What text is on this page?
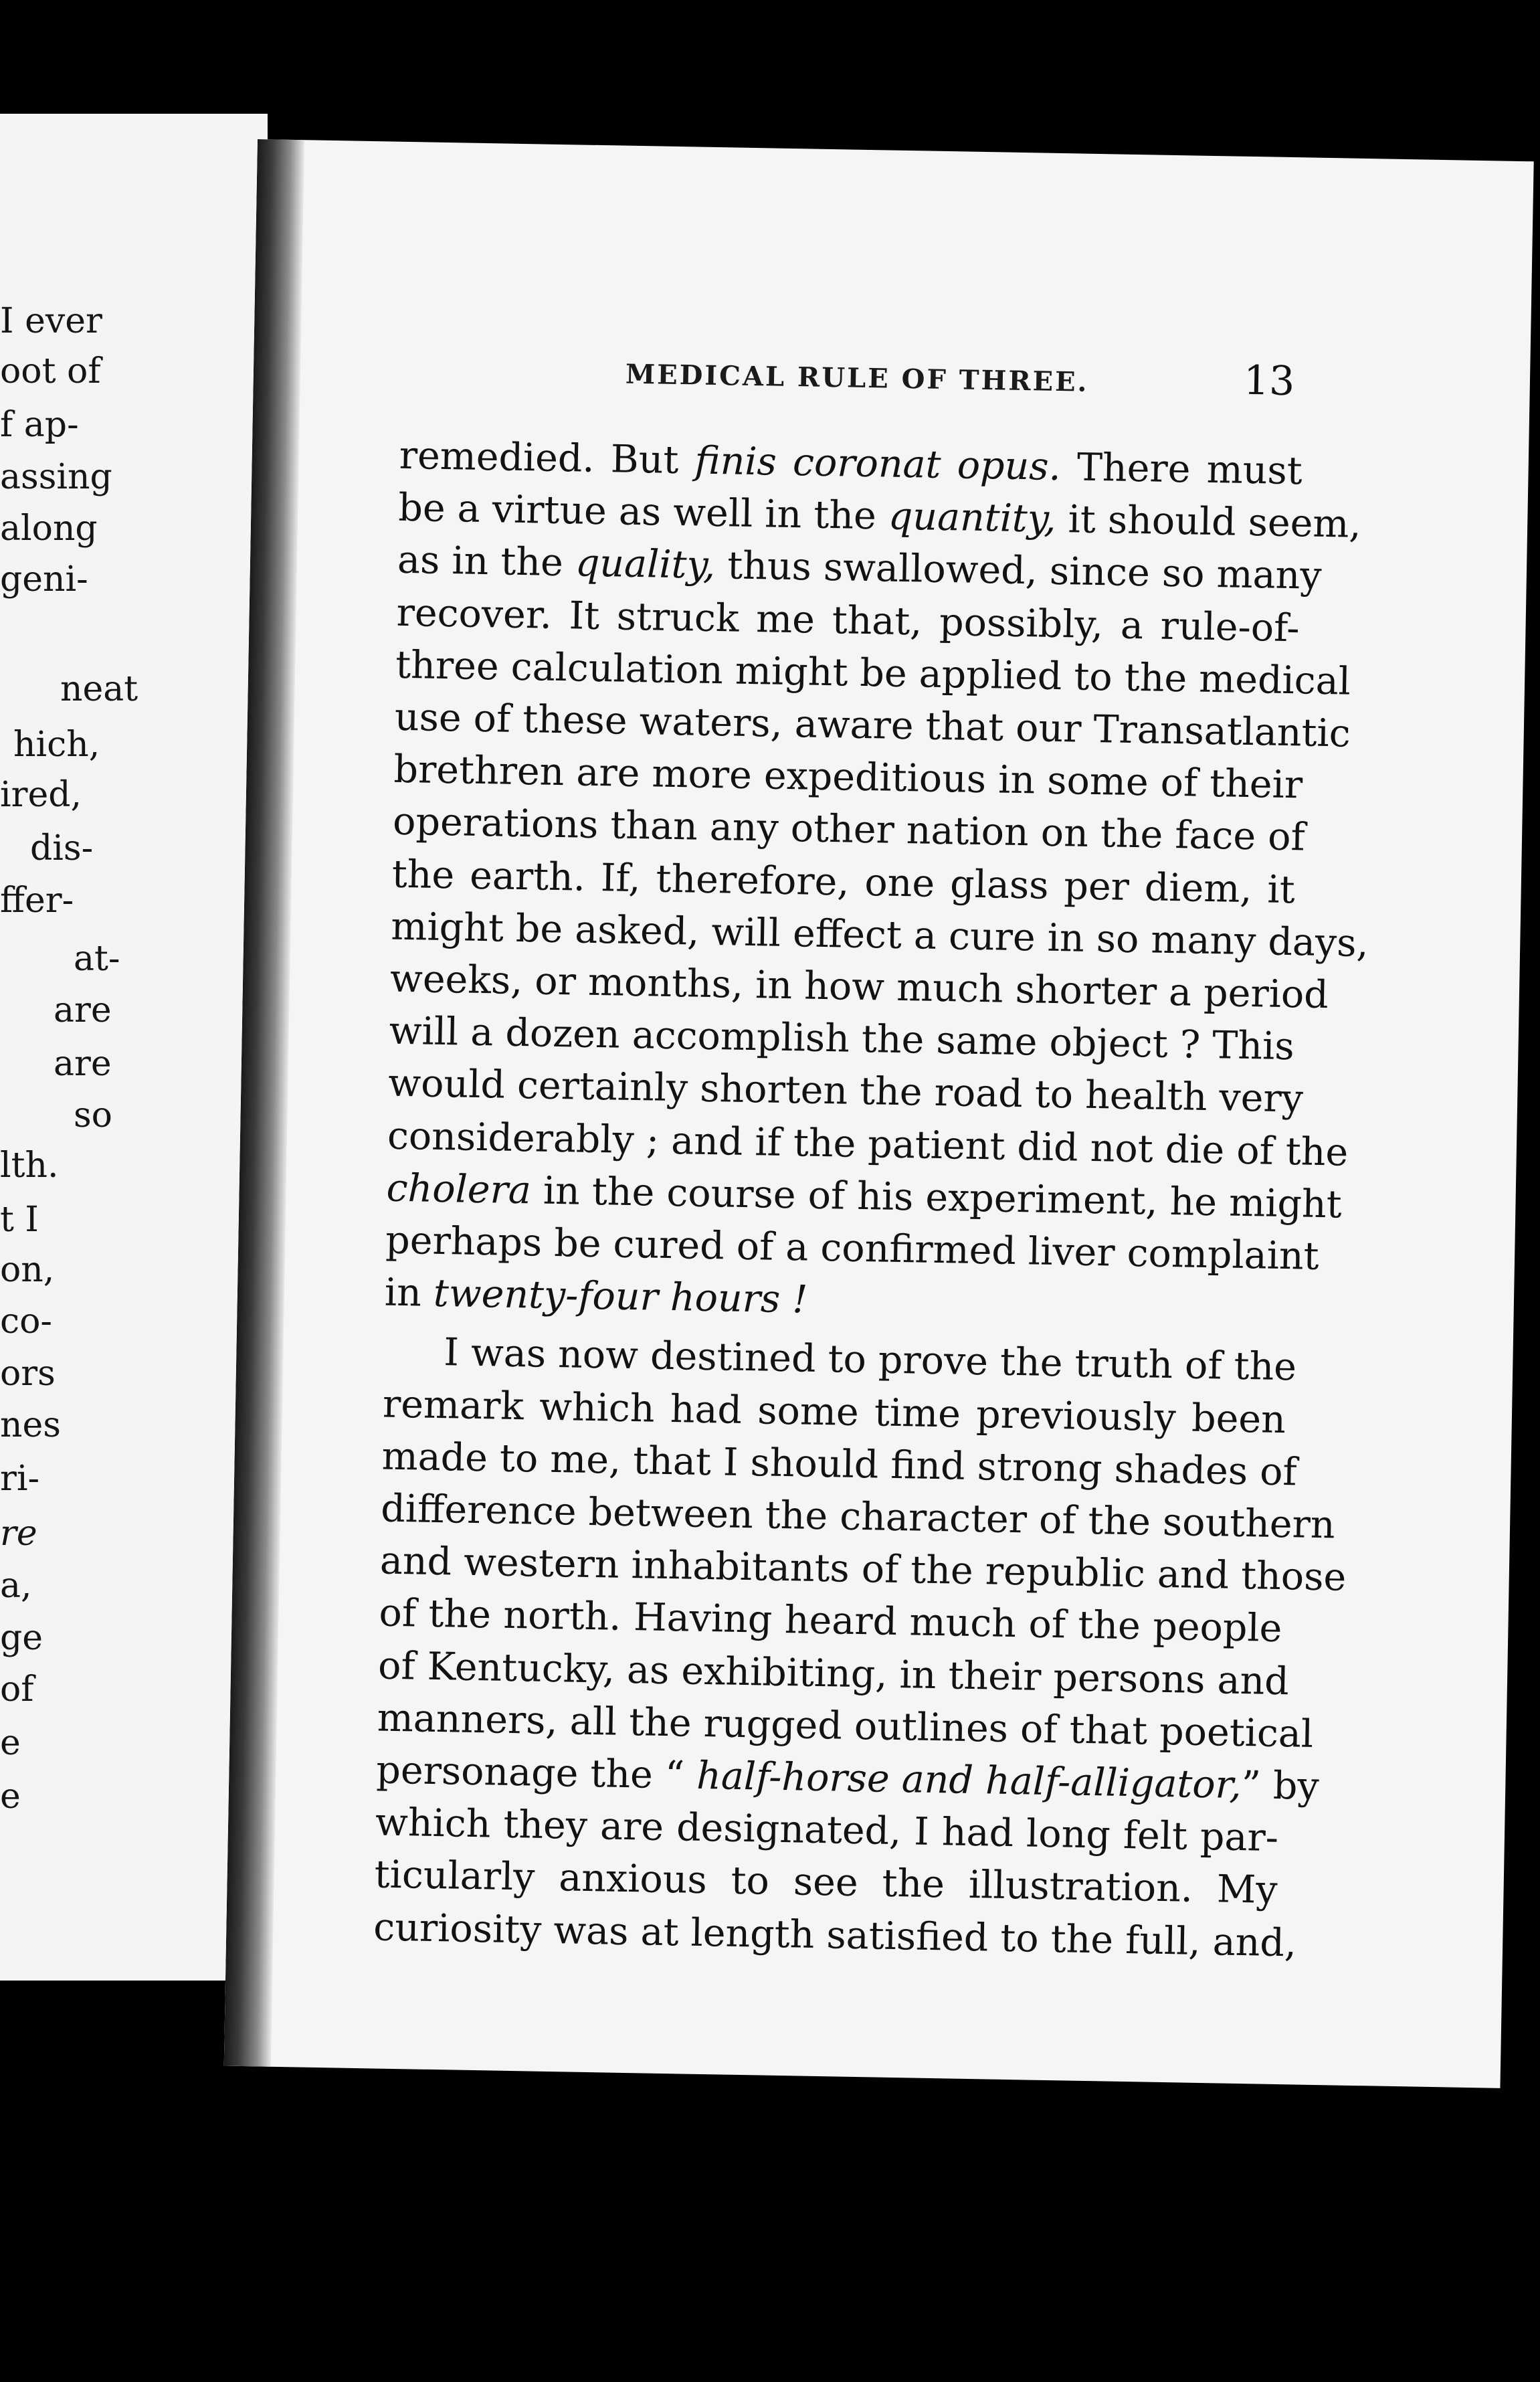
I ever
oot of
f ap-
assing
along
geni-
neat
hich,
ired,
dis-
ffer-
at-
are
are
so
lth.
t I
on,
co-
ors
nes
ri-
re
a,
ge
of
e
e
MEDICAL RULE OF THREE.	13
remedied. But finis coronat opus. There must
be a virtue as well in the quantity, it should seem,
as in the quality, thus swallowed, since so many
recover. It struck me that, possibly, a rule-of-
three calculation might be applied to the medical
use of these waters, aware that our Transatlantic
brethren are more expeditious in some of their
operations than any other nation on the face of
the earth. If, therefore, one glass per diem, it
might be asked, will effect a cure in so many days,
weeks, or months, in how much shorter a period
will a dozen accomplish the same object ? This
would certainly shorten the road to health very
considerably ; and if the patient did not die of the
cholera in the course of his experiment, he might
perhaps be cured of a confirmed liver complaint
in twenty-four hours !
I was now destined to prove the truth of the
remark which had some time previously been
made to me, that I should find strong shades of
difference between the character of the southern
and western inhabitants of the republic and those
of the north. Having heard much of the people
of Kentucky, as exhibiting, in their persons and
manners, all the rugged outlines of that poetical
personage the “ half-horse and half-alligator,” by
which they are designated, I had long felt par-
ticularly anxious to see the illustration. My
curiosity was at length satisfied to the full, and,
